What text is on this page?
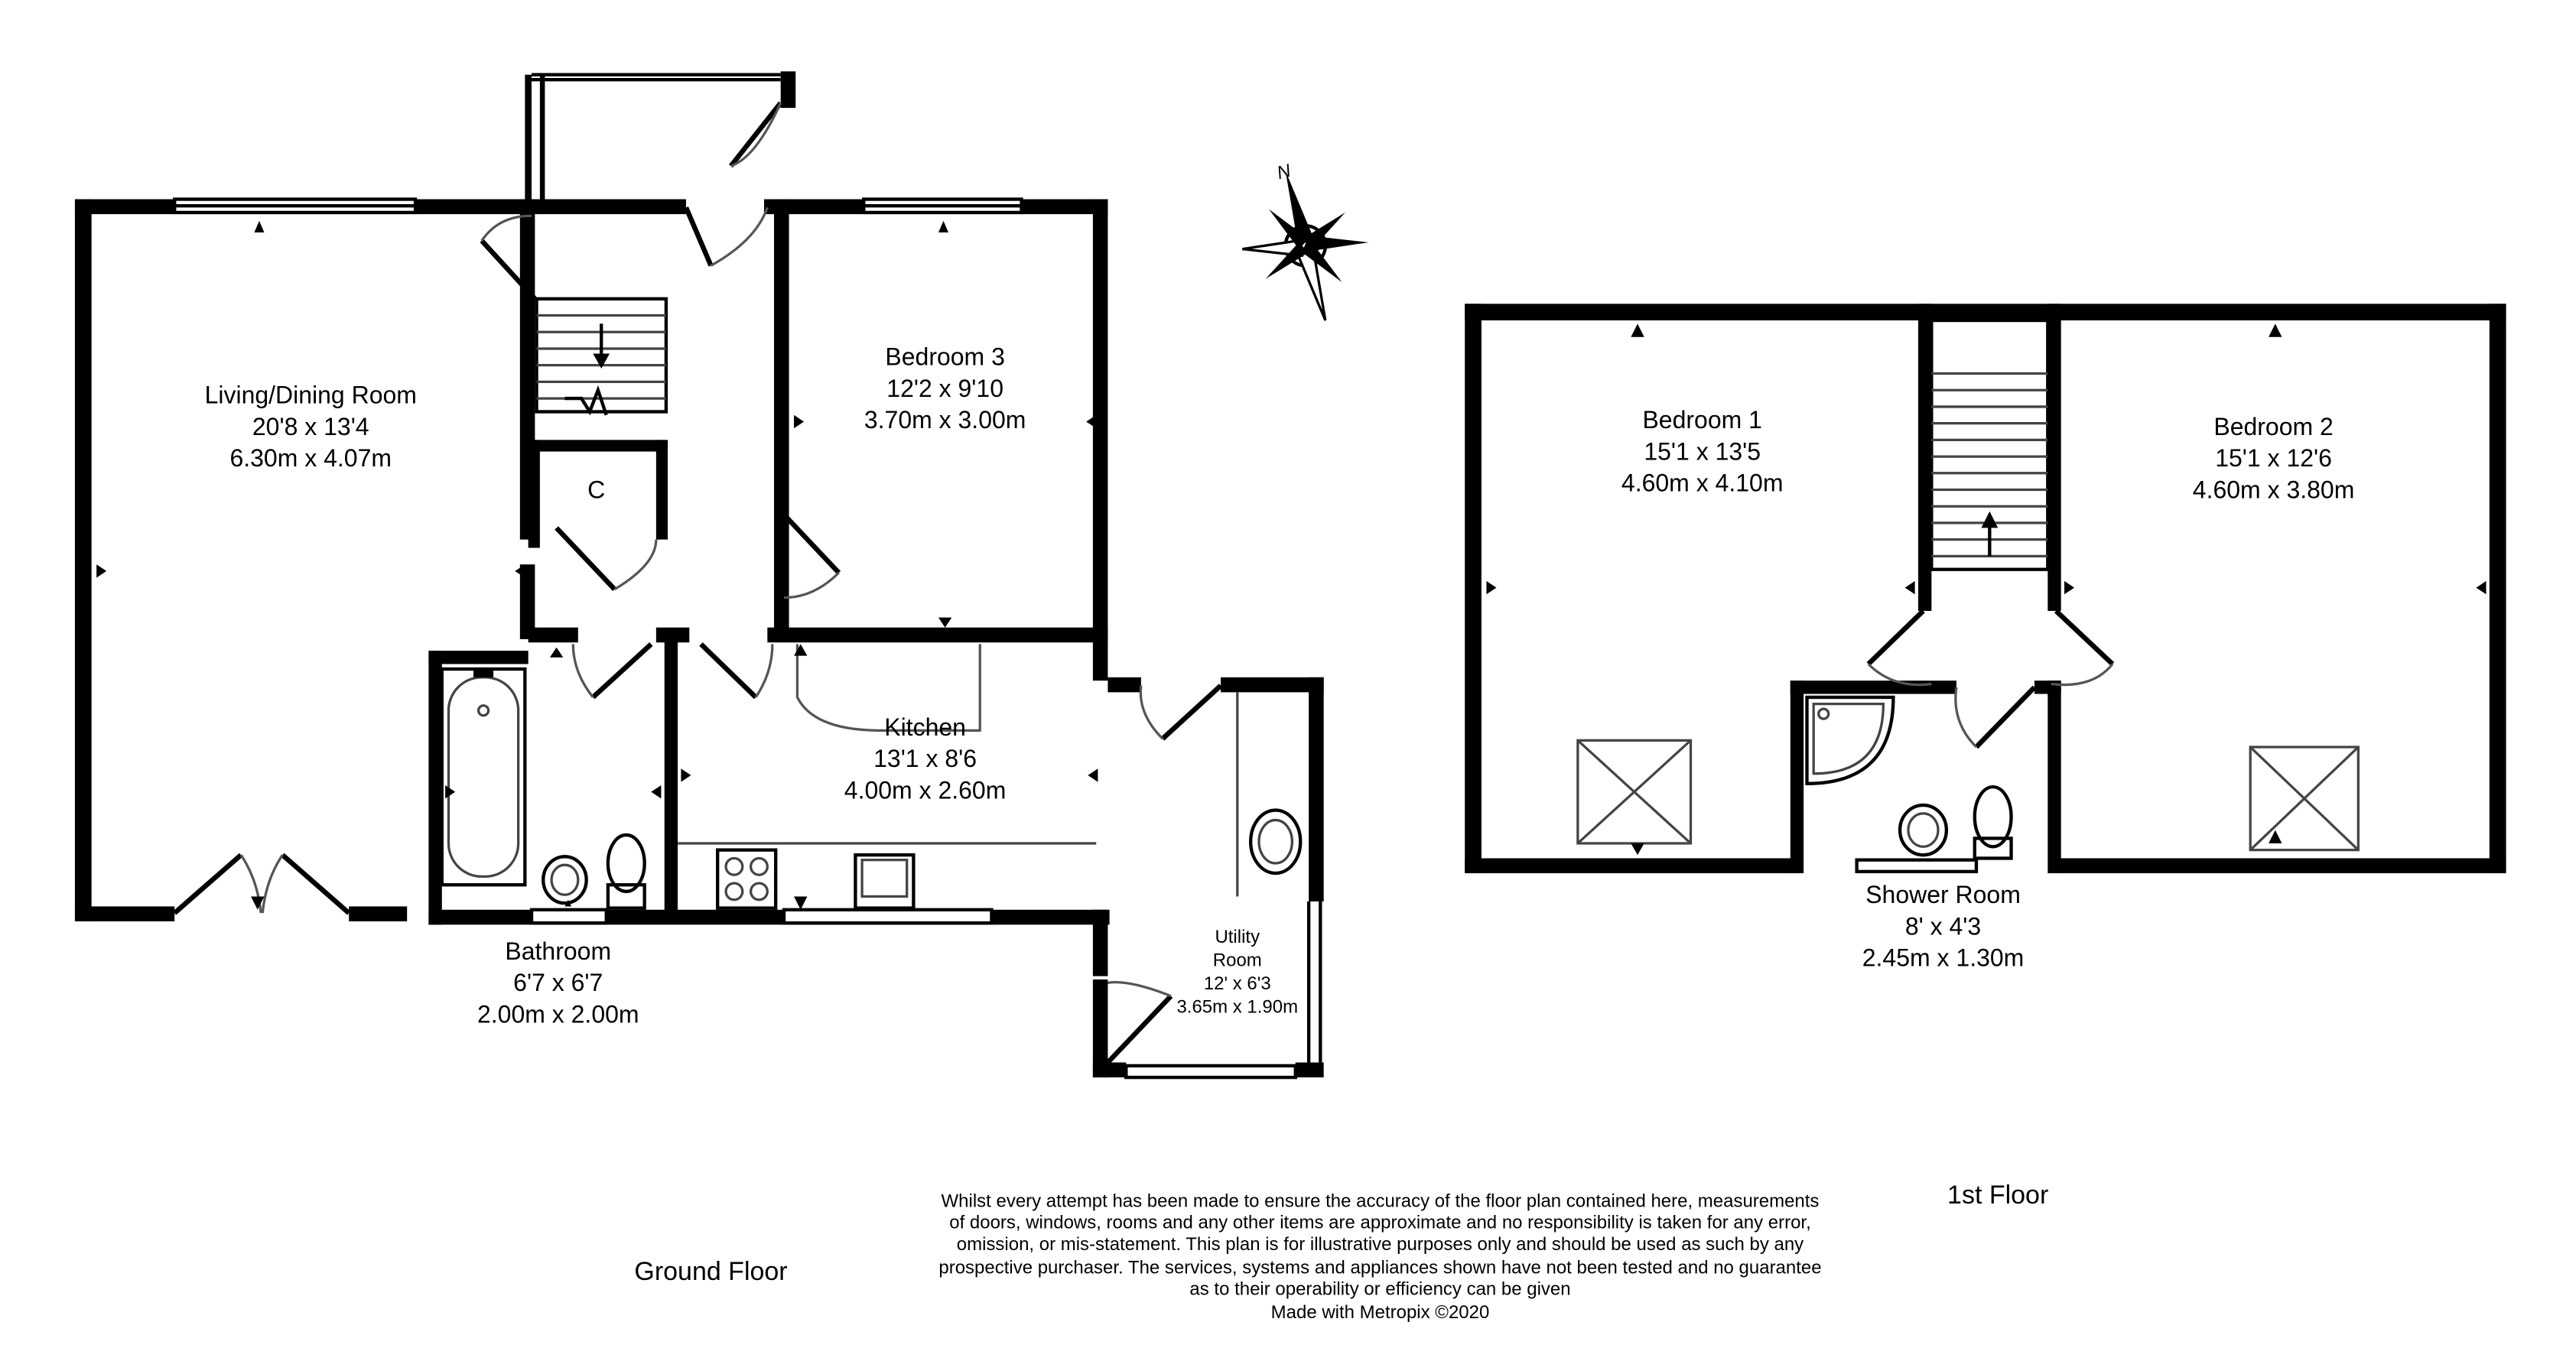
C
Living/Dining Room
20'8 x 13'4
6.30m x 4.07m
Bedroom 3
12'2 x 9'10
3.70m x 3.00m
Kitchen
13'1 x 8'6
4.00m x 2.60m
Bathroom
6'7 x 6'7
2.00m x 2.00m
Utility
Room
12' x 6'3
3.65m x 1.90m
Ground Floor
N
Bedroom 1
15'1 x 13'5
4.60m x 4.10m
Bedroom 2
15'1 x 12'6
4.60m x 3.80m
Shower Room
8' x 4'3
2.45m x 1.30m
1st Floor
Whilst every attempt has been made to ensure the accuracy of the floor plan contained here, measurements
of doors, windows, rooms and any other items are approximate and no responsibility is taken for any error,
omission, or mis-statement. This plan is for illustrative purposes only and should be used as such by any
prospective purchaser. The services, systems and appliances shown have not been tested and no guarantee
as to their operability or efficiency can be given
Made with Metropix ©2020
